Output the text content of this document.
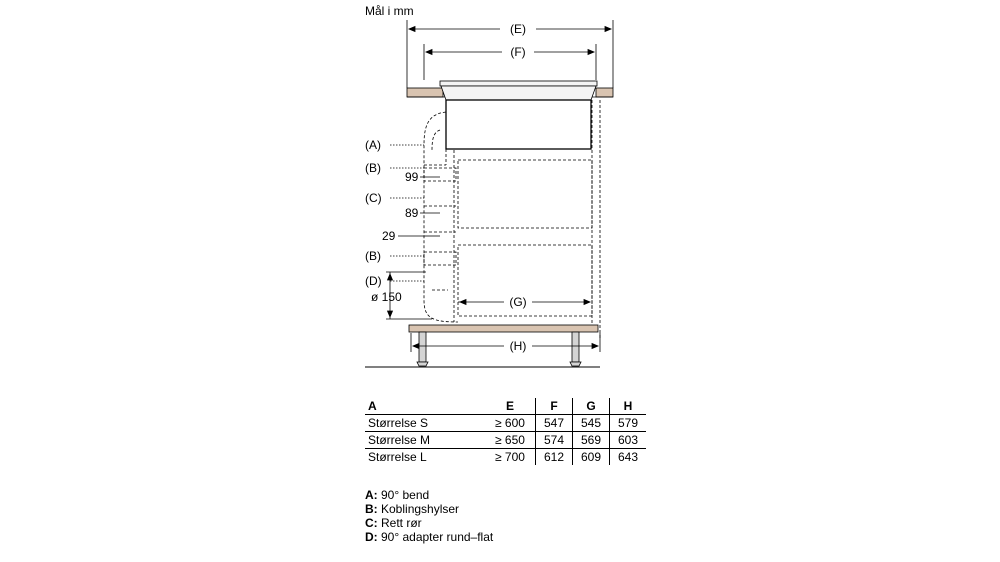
Mål i mm
(E)
(F)
(A)
(B)
99
(C)
89
29
(B)
(D)
ø 150	(G)
(H)
A	E	F	G	H
Størrelse S	≥ 600	547	545	579
Størrelse M	≥ 650	574	569	603
Størrelse L	≥ 700	612	609	643
A: 90° bend
B: Koblingshylser
C: Rett rør
D: 90° adapter rund–flat
